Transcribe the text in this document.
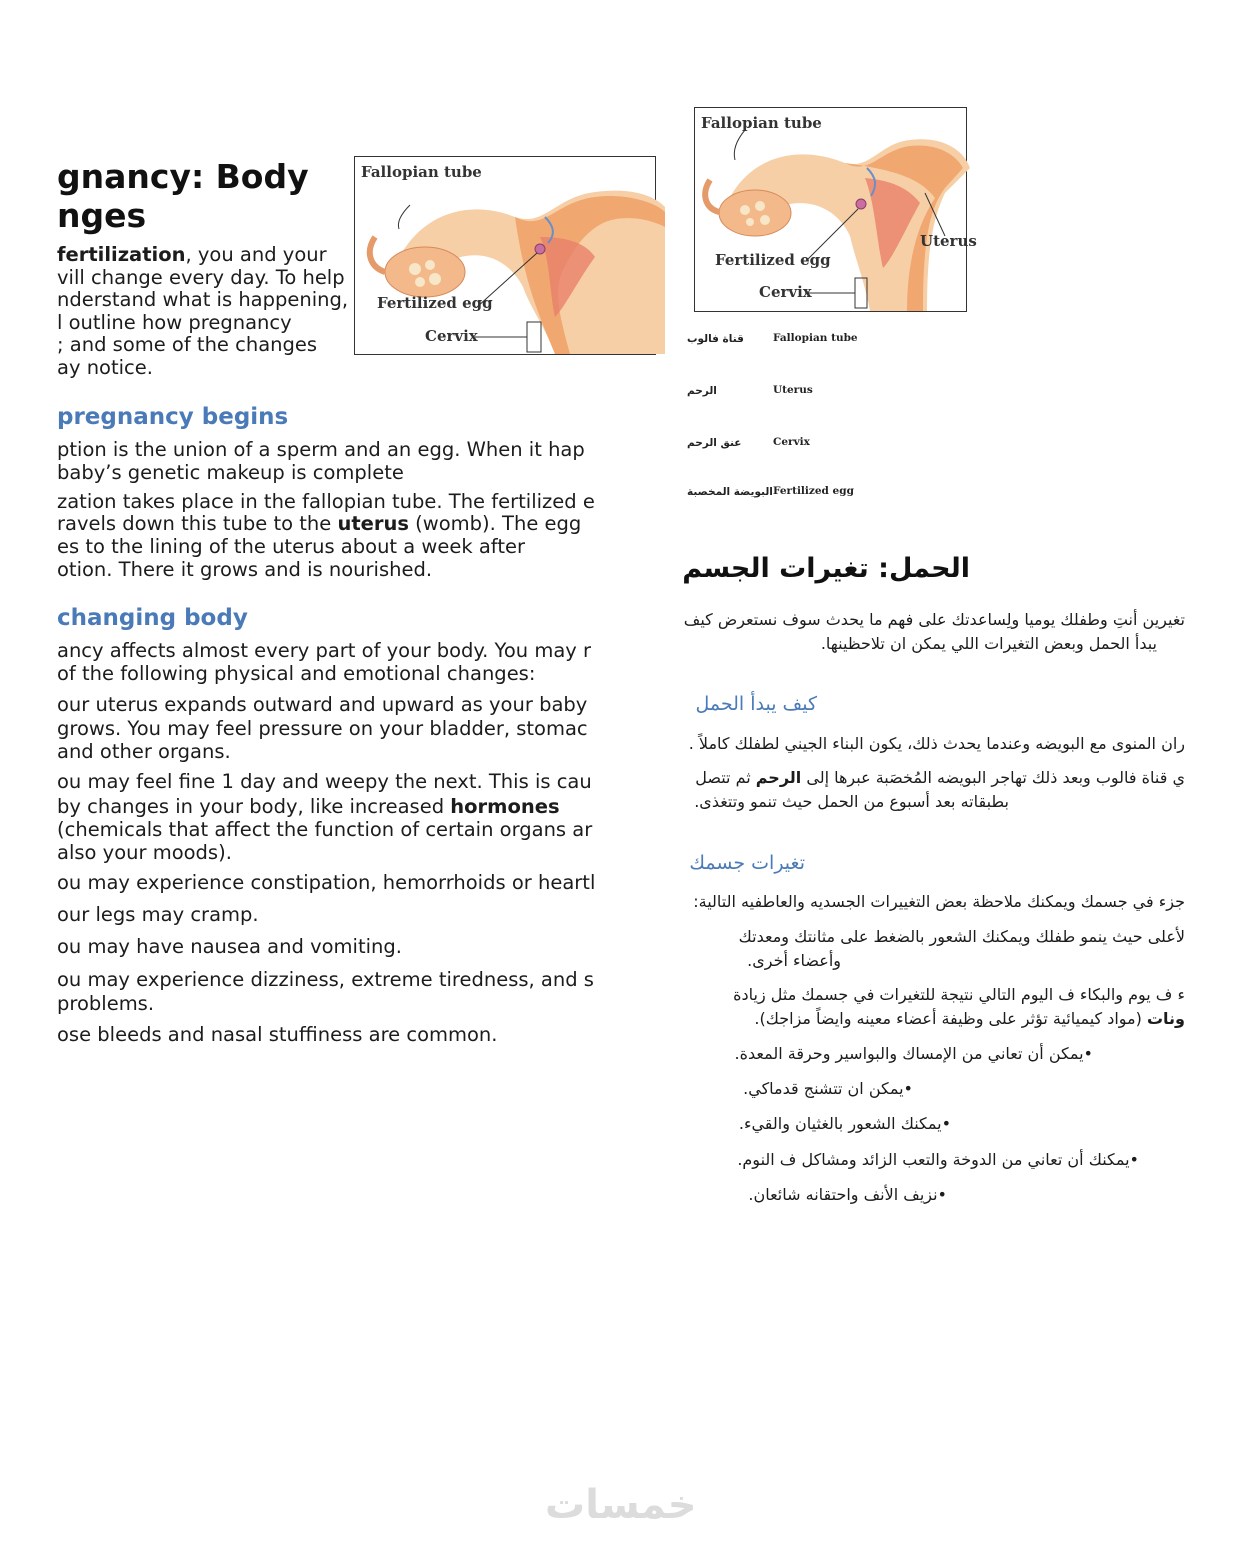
gnancy: Body
nges
fertilization, you and your
vill change every day. To help
nderstand what is happening,
l outline how pregnancy
; and some of the changes
ay notice.
pregnancy begins
ption is the union of a sperm and an egg. When it hap
baby’s genetic makeup is complete
zation takes place in the fallopian tube. The fertilized e
ravels down this tube to the uterus (womb). The egg
es to the lining of the uterus about a week after
otion. There it grows and is nourished.
changing body
ancy affects almost every part of your body. You may r
of the following physical and emotional changes:
our uterus expands outward and upward as your baby
grows. You may feel pressure on your bladder, stomac
and other organs.
ou may feel fine 1 day and weepy the next. This is cau
by changes in your body, like increased hormones
(chemicals that affect the function of certain organs ar
also your moods).
ou may experience constipation, hemorrhoids or heartl
our legs may cramp.
ou may have nausea and vomiting.
ou may experience dizziness, extreme tiredness, and s
problems.
ose bleeds and nasal stuffiness are common.
Fallopian tube
Fertilized egg
Cervix
Fallopian tube
Fertilized egg
Cervix
Uterus
قناة فالوب	Fallopian tube
الرحم	Uterus
عنق الرحم	Cervix
البويضة المخصبة Fertilized egg
الحمل: تغيرات الجسم
تغيرين أنتِ وطفلك يوميا ولِساعدتك على فهم ما يحدث سوف نستعرض كيف
يبدأ الحمل وبعض التغيرات اللي يمكن ان تلاحظينها.
كيف يبدأ الحمل
ران المنوى مع البويضه وعندما يحدث ذلك، يكون البناء الجيني لطفلك كاملاً .
ي قناة فالوب وبعد ذلك تهاجر البويضه المُخصَبة عبرها إلى الرحم ثم تتصل
بطبقاته بعد أسبوع من الحمل حيث تنمو وتتغذى.
تغيرات جسمك
جزء في جسمك ويمكنك ملاحظة بعض التغييرات الجسديه والعاطفيه التالية:
لأعلى حيث ينمو طفلك ويمكنك الشعور بالضغط على مثانتك ومعدتك
وأعضاء أخرى.
ء ف يوم والبكاء ف اليوم التالي نتيجة للتغيرات في جسمك مثل زيادة
ونات (مواد كيميائية تؤثر على وظيفة أعضاء معينه وايضاً مزاجك).
•يمكن أن تعاني من الإمساك والبواسير وحرقة المعدة.
•يمكن ان تتشنج قدماكي.
•يمكنك الشعور بالغثيان والقيء.
•يمكنك أن تعاني من الدوخة والتعب الزائد ومشاكل ف النوم.
•نزيف الأنف واحتقانه شائعان.
خمسات
